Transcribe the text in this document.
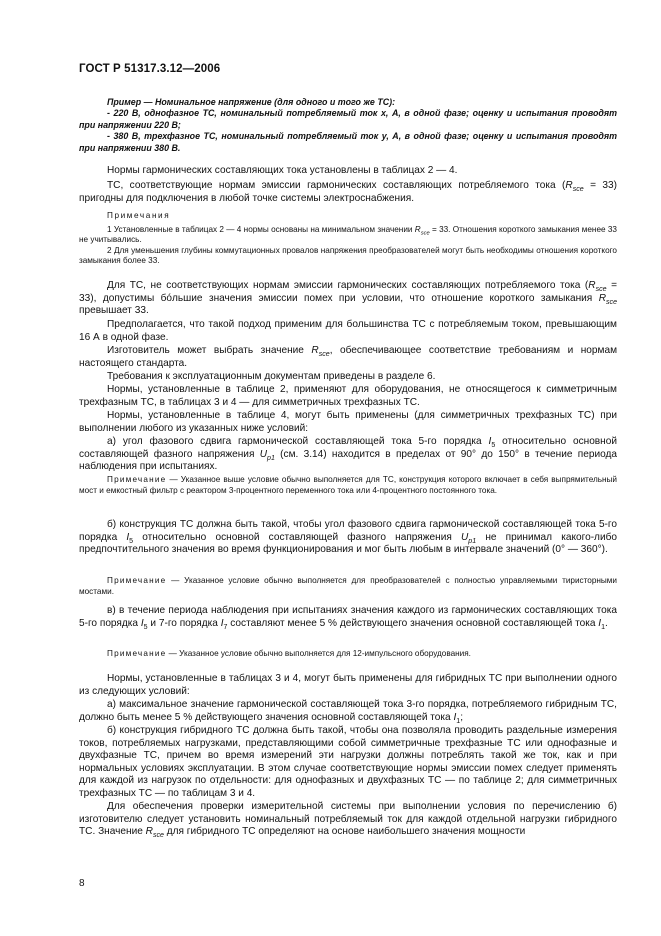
ГОСТ Р 51317.3.12—2006

Пример — Номинальное напряжение (для одного и того же ТС):

- 220 В, однофазное ТС, номинальный потребляемый ток х, А, в одной фазе; оценку и испытания проводят при напряжении 220 В;

- 380 В, трехфазное ТС, номинальный потребляемый ток у, А, в одной фазе; оценку и испытания проводят при напряжении 380 В.

Нормы гармонических составляющих тока установлены в таблицах 2 — 4.

ТС, соответствующие нормам эмиссии гармонических составляющих потребляемого тока $(R_{sce} = 33)$ пригодны для подключения в любой точке системы электроснабжения.

Примечания

1 Установленные в таблицах 2 — 4 нормы основаны на минимальном значении $R_{sce} = 33$. Отношения короткого замыкания менее 33 не учитывались.

2 Для уменьшения глубины коммутационных провалов напряжения преобразователей могут быть необходимы отношения короткого замыкания более 33.

Для ТС, не соответствующих нормам эмиссии гармонических составляющих потребляемого тока $(R_{sce} = 33)$, допустимы бóльшие значения эмиссии помех при условии, что отношение короткого замыкания $R_{sce}$ превышает 33.

Предполагается, что такой подход применим для большинства ТС с потребляемым током, превышающим 16 А в одной фазе.

Изготовитель может выбрать значение $R_{sce}$, обеспечивающее соответствие требованиям и нормам настоящего стандарта.

Требования к эксплуатационным документам приведены в разделе 6.

Нормы, установленные в таблице 2, применяют для оборудования, не относящегося к симметричным трехфазным ТС, в таблицах 3 и 4 — для симметричных трехфазных ТС.

Нормы, установленные в таблице 4, могут быть применены (для симметричных трехфазных ТС) при выполнении любого из указанных ниже условий:

а) угол фазового сдвига гармонической составляющей тока 5-го порядка $I_5$ относительно основной составляющей фазного напряжения $U_{p1}$ (см. 3.14) находится в пределах от 90° до 150° в течение периода наблюдения при испытаниях.

Примечание — Указанное выше условие обычно выполняется для ТС, конструкция которого включает в себя выпрямительный мост и емкостный фильтр с реактором 3-процентного переменного тока или 4-процентного постоянного тока.

б) конструкция ТС должна быть такой, чтобы угол фазового сдвига гармонической составляющей тока 5-го порядка $I_5$ относительно основной составляющей фазного напряжения $U_{p1}$ не принимал какого-либо предпочтительного значения во время функционирования и мог быть любым в интервале значений (0° — 360°).

Примечание — Указанное условие обычно выполняется для преобразователей с полностью управляемыми тиристорными мостами.

в) в течение периода наблюдения при испытаниях значения каждого из гармонических составляющих тока 5-го порядка $I_5$ и 7-го порядка $I_7$ составляют менее 5 % действующего значения основной составляющей тока $I_1$.

Примечание — Указанное условие обычно выполняется для 12-импульсного оборудования.

Нормы, установленные в таблицах 3 и 4, могут быть применены для гибридных ТС при выполнении одного из следующих условий:

а) максимальное значение гармонической составляющей тока 3-го порядка, потребляемого гибридным ТС, должно быть менее 5 % действующего значения основной составляющей тока $I_1$;

б) конструкция гибридного ТС должна быть такой, чтобы она позволяла проводить раздельные измерения токов, потребляемых нагрузками, представляющими собой симметричные трехфазные ТС или однофазные и двухфазные ТС, причем во время измерений эти нагрузки должны потреблять такой же ток, как и при нормальных условиях эксплуатации. В этом случае соответствующие нормы эмиссии помех следует применять для каждой из нагрузок по отдельности: для однофазных и двухфазных ТС — по таблице 2; для симметричных трехфазных ТС — по таблицам 3 и 4.

Для обеспечения проверки измерительной системы при выполнении условия по перечислению б) изготовителю следует установить номинальный потребляемый ток для каждой отдельной нагрузки гибридного ТС. Значение $R_{sce}$ для гибридного ТС определяют на основе наибольшего значения мощности

8
